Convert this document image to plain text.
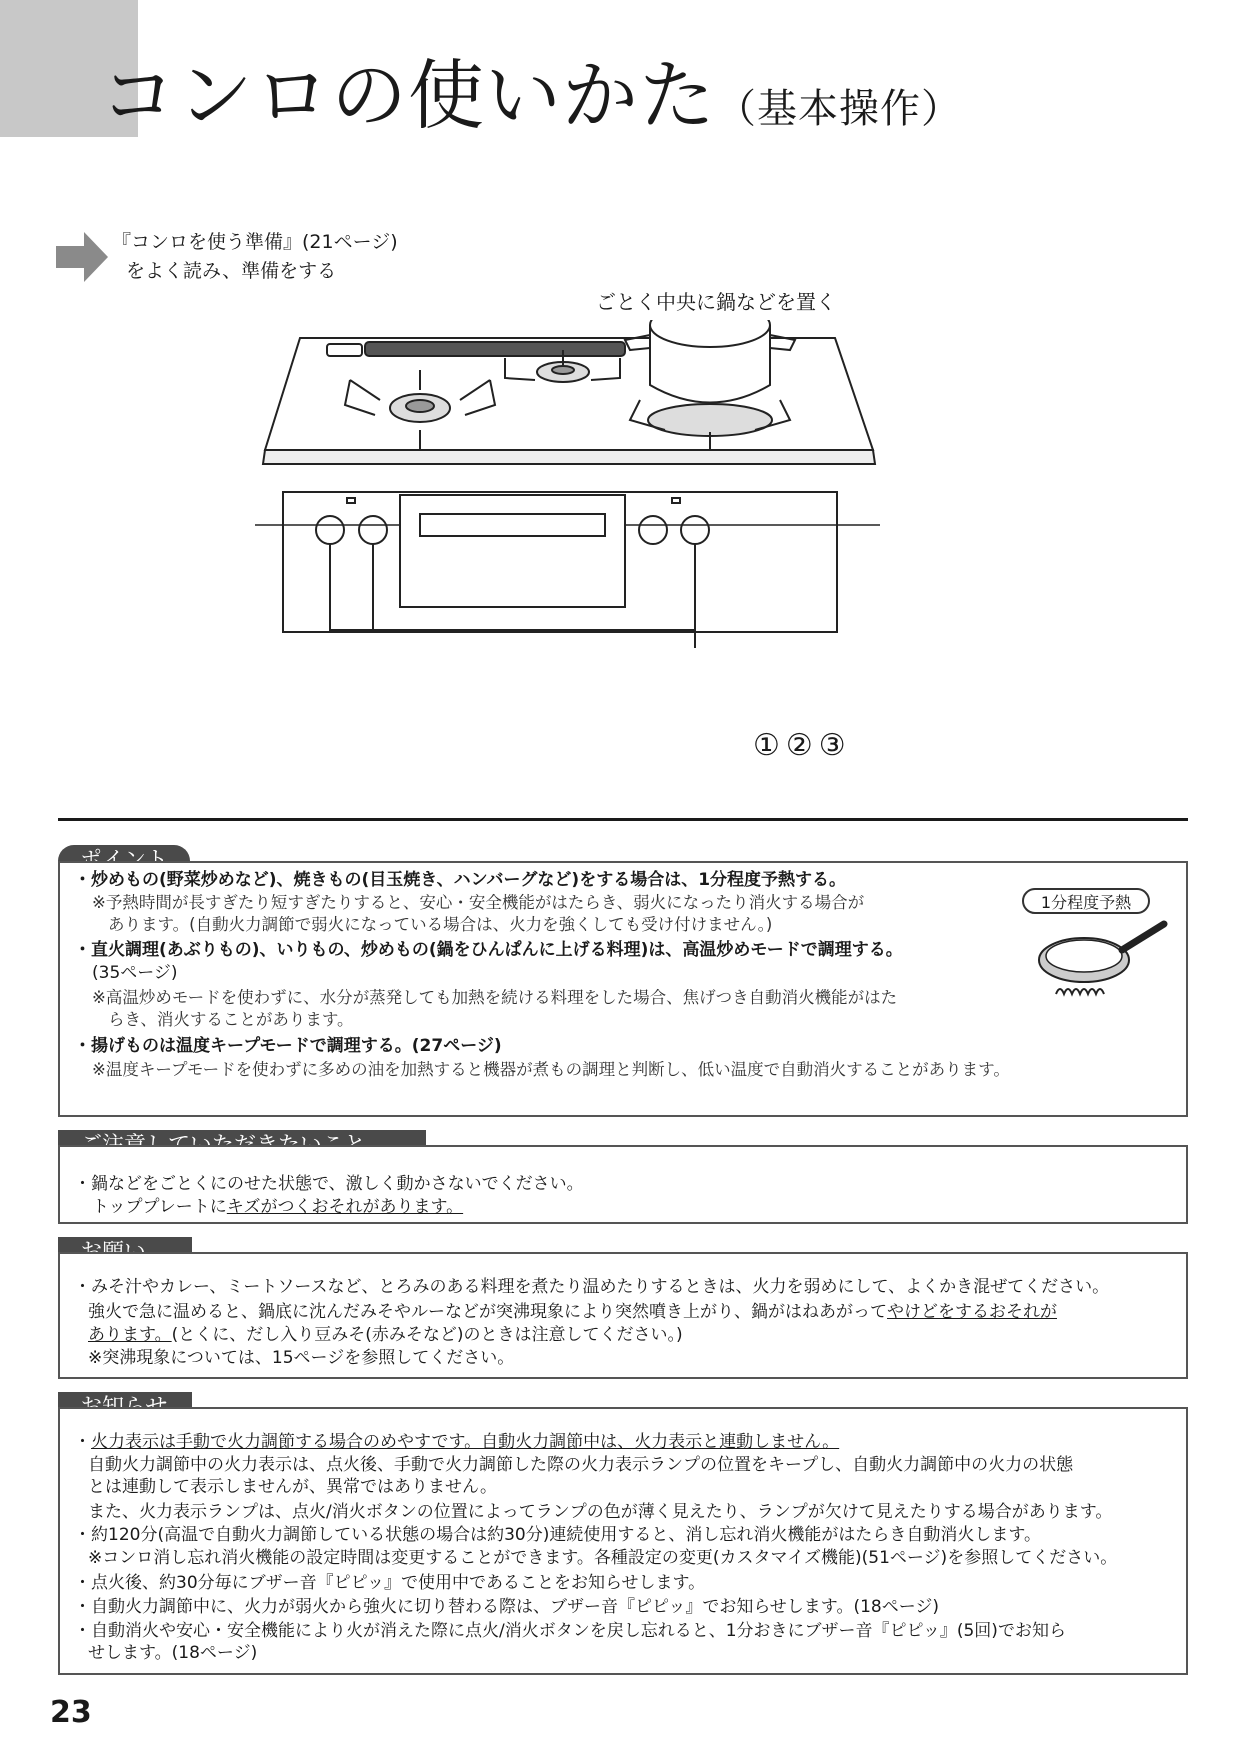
コンロの使いかた（基本操作）
『コンロを使う準備』(21ページ)
をよく読み、準備をする
ごとく中央に鍋などを置く
①②③
・炒めもの(野菜炒めなど)、焼きもの(目玉焼き、ハンバーグなど)をする場合は、1分程度予熱する。
※予熱時間が長すぎたり短すぎたりすると、安心・安全機能がはたらき、弱火になったり消火する場合が
あります。(自動火力調節で弱火になっている場合は、火力を強くしても受け付けません。)
・直火調理(あぶりもの)、いりもの、炒めもの(鍋をひんぱんに上げる料理)は、高温炒めモードで調理する。
(35ページ)
※高温炒めモードを使わずに、水分が蒸発しても加熱を続ける料理をした場合、焦げつき自動消火機能がはた
らき、消火することがあります。
・揚げものは温度キープモードで調理する。(27ページ)
※温度キープモードを使わずに多めの油を加熱すると機器が煮もの調理と判断し、低い温度で自動消火することがあります。
1分程度予熱
・鍋などをごとくにのせた状態で、激しく動かさないでください。
トッププレートにキズがつくおそれがあります。
・みそ汁やカレー、ミートソースなど、とろみのある料理を煮たり温めたりするときは、火力を弱めにして、よくかき混ぜてください。
強火で急に温めると、鍋底に沈んだみそやルーなどが突沸現象により突然噴き上がり、鍋がはねあがってやけどをするおそれが
あります。(とくに、だし入り豆みそ(赤みそなど)のときは注意してください。)
※突沸現象については、15ページを参照してください。
・火力表示は手動で火力調節する場合のめやすです。自動火力調節中は、火力表示と連動しません。
自動火力調節中の火力表示は、点火後、手動で火力調節した際の火力表示ランプの位置をキープし、自動火力調節中の火力の状態
とは連動して表示しませんが、異常ではありません。
また、火力表示ランプは、点火/消火ボタンの位置によってランプの色が薄く見えたり、ランプが欠けて見えたりする場合があります。
・約120分(高温で自動火力調節している状態の場合は約30分)連続使用すると、消し忘れ消火機能がはたらき自動消火します。
※コンロ消し忘れ消火機能の設定時間は変更することができます。各種設定の変更(カスタマイズ機能)(51ページ)を参照してください。
・点火後、約30分毎にブザー音『ピピッ』で使用中であることをお知らせします。
・自動火力調節中に、火力が弱火から強火に切り替わる際は、ブザー音『ピピッ』でお知らせします。(18ページ)
・自動消火や安心・安全機能により火が消えた際に点火/消火ボタンを戻し忘れると、1分おきにブザー音『ピピッ』(5回)でお知ら
せします。(18ページ)
23
